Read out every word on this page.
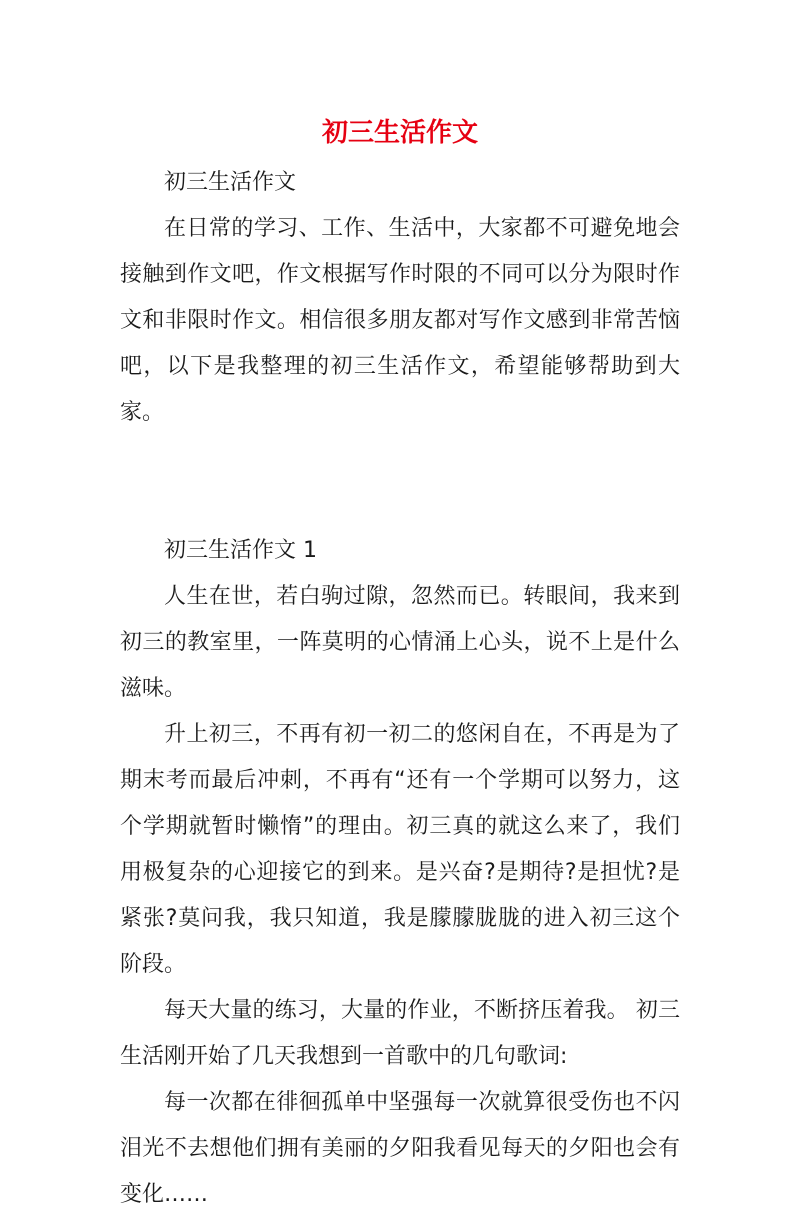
初三生活作文

初三生活作文

在日常的学习、工作、生活中，大家都不可避免地会接触到作文吧，作文根据写作时限的不同可以分为限时作文和非限时作文。相信很多朋友都对写作文感到非常苦恼吧，以下是我整理的初三生活作文，希望能够帮助到大家。

初三生活作文 1

人生在世，若白驹过隙，忽然而已。转眼间，我来到初三的教室里，一阵莫明的心情涌上心头，说不上是什么滋味。

升上初三，不再有初一初二的悠闲自在，不再是为了期末考而最后冲刺，不再有“还有一个学期可以努力，这个学期就暂时懒惰”的理由。初三真的就这么来了，我们用极复杂的心迎接它的到来。是兴奋?是期待?是担忧?是紧张?莫问我，我只知道，我是朦朦胧胧的进入初三这个阶段。

每天大量的练习，大量的作业，不断挤压着我。 初三生活刚开始了几天我想到一首歌中的几句歌词:

每一次都在徘徊孤单中坚强每一次就算很受伤也不闪泪光不去想他们拥有美丽的夕阳我看见每天的夕阳也会有变化……
